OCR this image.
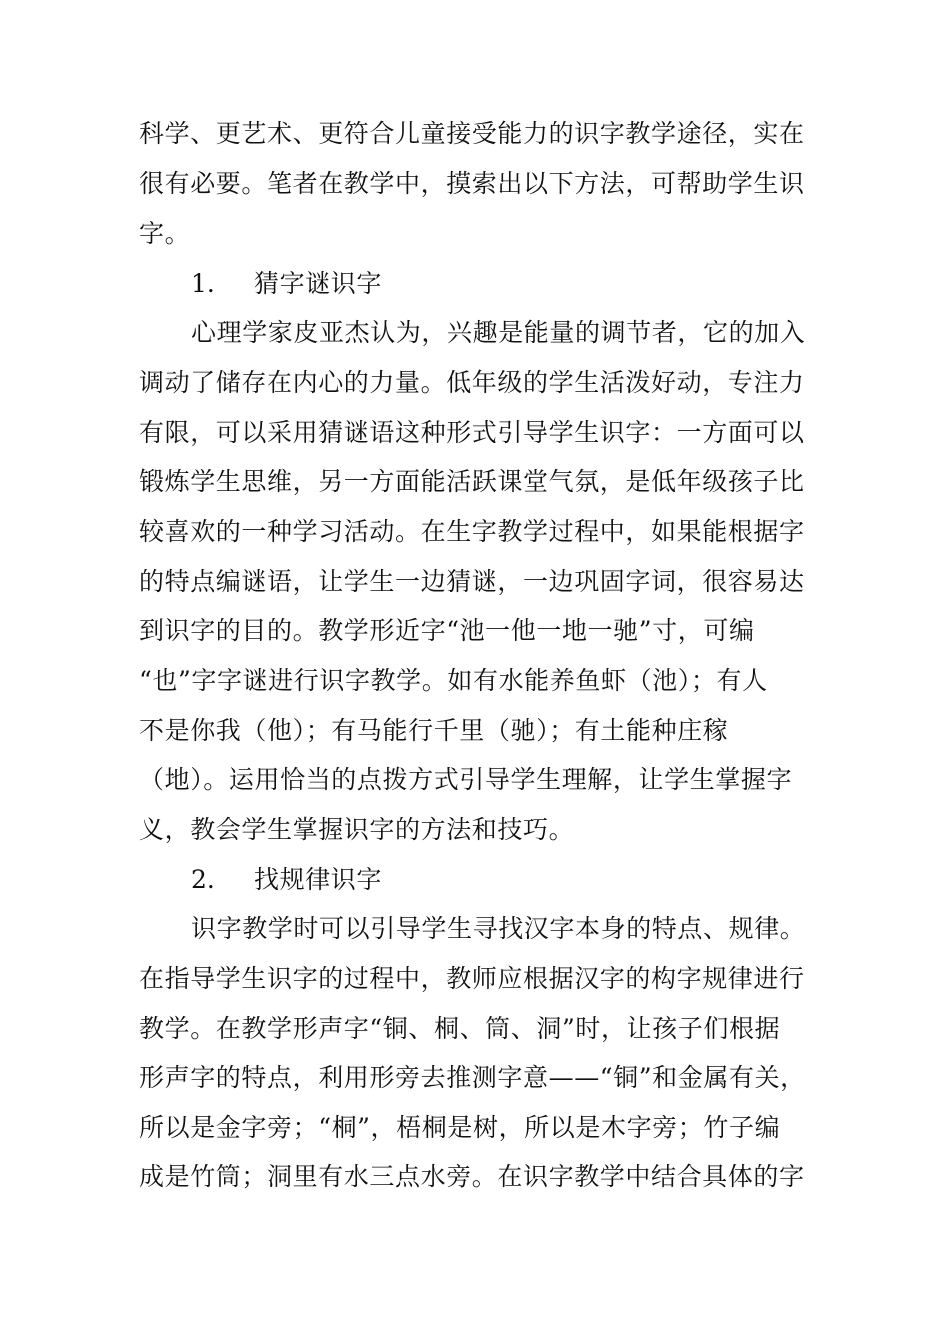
科学、更艺术、更符合儿童接受能力的识字教学途径，实在
很有必要。笔者在教学中，摸索出以下方法，可帮助学生识
字。
1. 猜字谜识字
心理学家皮亚杰认为，兴趣是能量的调节者，它的加入
调动了储存在内心的力量。低年级的学生活泼好动，专注力
有限，可以采用猜谜语这种形式引导学生识字：一方面可以
锻炼学生思维，另一方面能活跃课堂气氛，是低年级孩子比
较喜欢的一种学习活动。在生字教学过程中，如果能根据字
的特点编谜语，让学生一边猜谜，一边巩固字词，很容易达
到识字的目的。教学形近字“池一他一地一驰”寸，可编
“也”字字谜进行识字教学。如有水能养鱼虾（池）；有人
不是你我（他）；有马能行千里（驰）；有土能种庄稼
（地）。运用恰当的点拨方式引导学生理解，让学生掌握字
义，教会学生掌握识字的方法和技巧。
2. 找规律识字
识字教学时可以引导学生寻找汉字本身的特点、规律。
在指导学生识字的过程中，教师应根据汉字的构字规律进行
教学。在教学形声字“铜、桐、筒、洞”时，让孩子们根据
形声字的特点，利用形旁去推测字意——“铜”和金属有关，
所以是金字旁；“桐”，梧桐是树，所以是木字旁；竹子编
成是竹筒；洞里有水三点水旁。在识字教学中结合具体的字
